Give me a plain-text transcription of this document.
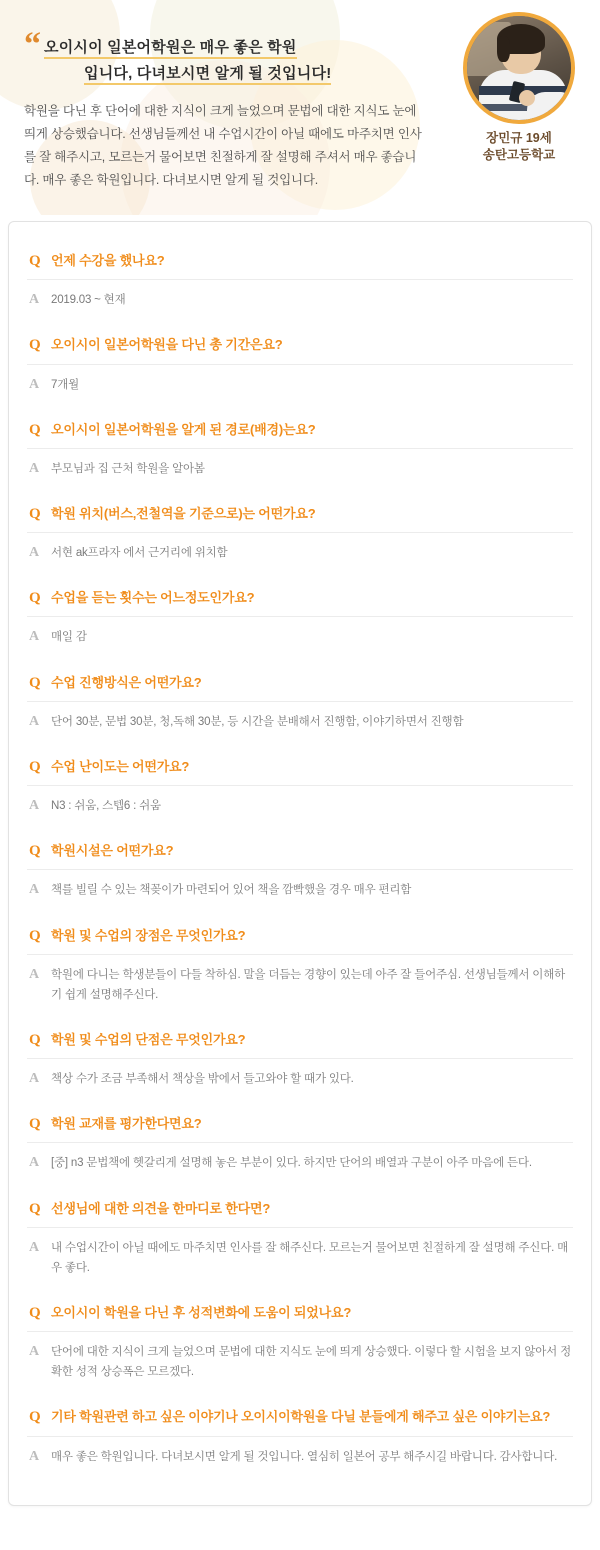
“ 오이시이 일본어학원은 매우 좋은 학원
입니다, 다녀보시면 알게 될 것입니다!
학원을 다닌 후 단어에 대한 지식이 크게 늘었으며 문법에 대한 지식도 눈에 띄게 상승했습니다. 선생님들께선 내 수업시간이 아닐 때에도 마주치면 인사를 잘 해주시고, 모르는거 물어보면 친절하게 잘 설명해 주셔서 매우 좋습니다. 매우 좋은 학원입니다. 다녀보시면 알게 될 것입니다.
장민규 19세
송탄고등학교
Q 언제 수강을 했나요?
A	2019.03 ~ 현재
Q 오이시이 일본어학원을 다닌 총 기간은요?
A	7개월
Q 오이시이 일본어학원을 알게 된 경로(배경)는요?
A	부모님과 집 근처 학원을 알아봄
Q 학원 위치(버스,전철역을 기준으로)는 어떤가요?
A	서현 ak프라자 에서 근거리에 위치함
Q 수업을 듣는 횟수는 어느정도인가요?
A	매일 감
Q 수업 진행방식은 어떤가요?
A	단어 30분, 문법 30분, 청,독해 30분, 등 시간을 분배해서 진행함, 이야기하면서 진행함
Q 수업 난이도는 어떤가요?
A	N3 : 쉬움, 스텝6 : 쉬움
Q 학원시설은 어떤가요?
A	책를 빌릴 수 있는 책꽂이가 마련되어 있어 책을 깜빡했을 경우 매우 편리함
Q 학원 및 수업의 장점은 무엇인가요?
A	학원에 다니는 학생분들이 다들 착하심. 말을 더듬는 경향이 있는데 아주 잘 들어주심. 선생님들께서 이해하기 쉽게 설명해주신다.
Q 학원 및 수업의 단점은 무엇인가요?
A	책상 수가 조금 부족해서 책상을 밖에서 들고와야 할 때가 있다.
Q 학원 교재를 평가한다면요?
A	[중] n3 문법책에 헷갈리게 설명해 놓은 부분이 있다. 하지만 단어의 배열과 구분이 아주 마음에 든다.
Q 선생님에 대한 의견을 한마디로 한다면?
A	내 수업시간이 아닐 때에도 마주치면 인사를 잘 해주신다. 모르는거 물어보면 친절하게 잘 설명해 주신다. 매우 좋다.
Q 오이시이 학원을 다닌 후 성적변화에 도움이 되었나요?
A	단어에 대한 지식이 크게 늘었으며 문법에 대한 지식도 눈에 띄게 상승했다. 이렇다 할 시험을 보지 않아서 정확한 성적 상승폭은 모르겠다.
Q 기타 학원관련 하고 싶은 이야기나 오이시이학원을 다닐 분들에게 해주고 싶은 이야기는요?
A	매우 좋은 학원입니다. 다녀보시면 알게 될 것입니다. 열심히 일본어 공부 해주시길 바랍니다. 감사합니다.
